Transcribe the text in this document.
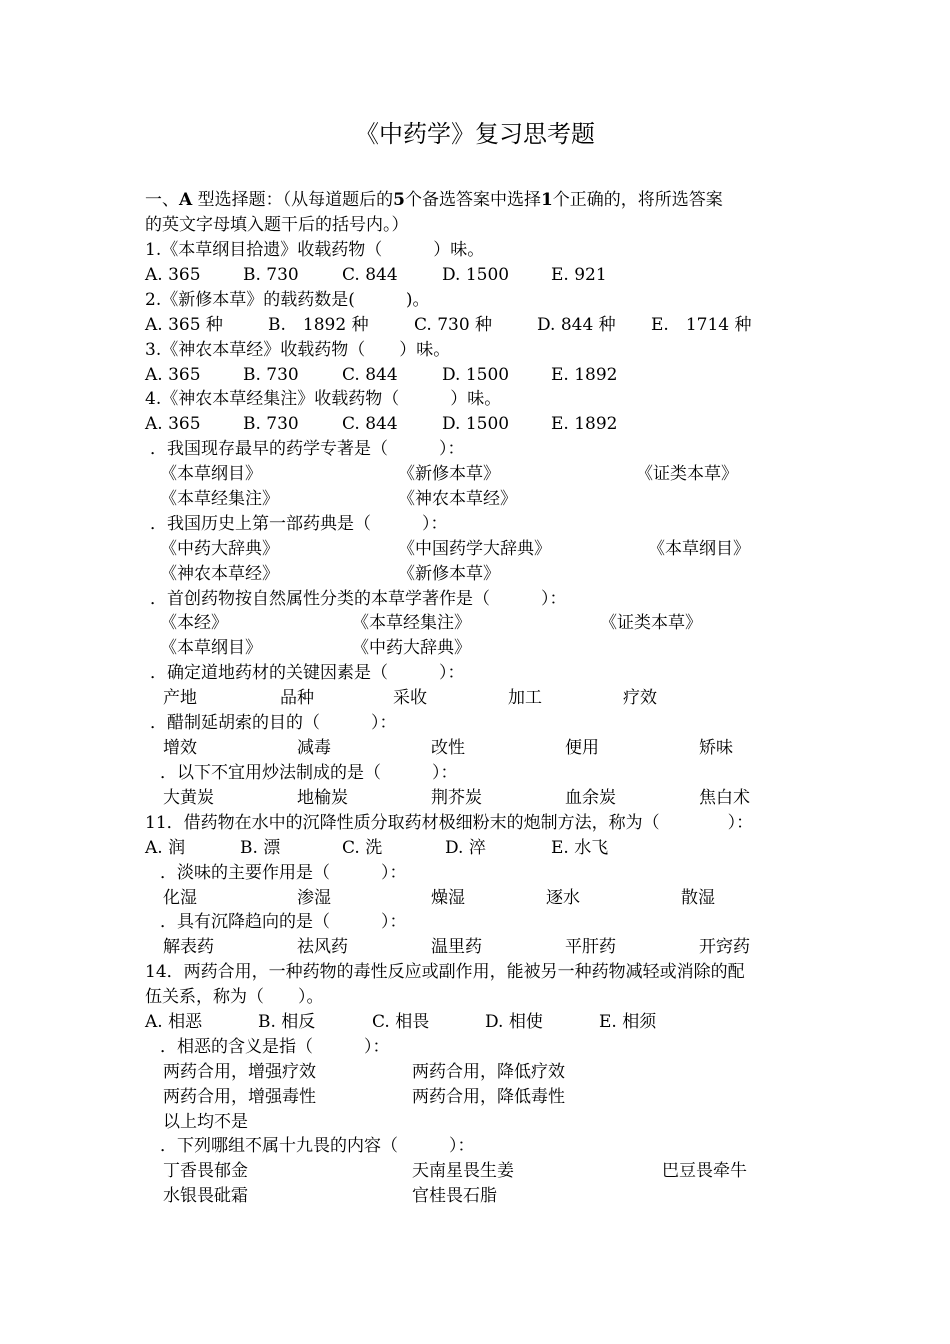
《中药学》复习思考题
一、A 型选择题：（从每道题后的5个备选答案中选择1个正确的，将所选答案
的英文字母填入题干后的括号内。）
1.《本草纲目拾遗》收载药物（　　　）味。
A. 365 B. 730	C. 844	D. 1500 E. 921
2.《新修本草》的载药数是(　　　)。
A. 365 种	B.　1892 种	C. 730 种	D. 844 种 E.　1714 种
3.《神农本草经》收载药物（　　）味。
A. 365 B. 730	C. 844	D. 1500 E. 1892
4.《神农本草经集注》收载药物（　　　）味。
A. 365 B. 730	C. 844	D. 1500 E. 1892
．我国现存最早的药学专著是（　　　）：
《本草纲目》	《新修本草》	《证类本草》
《本草经集注》	《神农本草经》
．我国历史上第一部药典是（　　　）：
《中药大辞典》	《中国药学大辞典》	《本草纲目》
《神农本草经》	《新修本草》
．首创药物按自然属性分类的本草学著作是（　　　）：
《本经》	《本草经集注》	《证类本草》
《本草纲目》	《中药大辞典》
．确定道地药材的关键因素是（　　　）：
产地	品种	采收	加工	疗效
．醋制延胡索的目的（　　　）：
增效	减毒	改性	便用	矫味
．以下不宜用炒法制成的是（　　　）：
大黄炭	地榆炭	荆芥炭	血余炭	焦白术
11．借药物在水中的沉降性质分取药材极细粉末的炮制方法，称为（　　　　）：
A. 润	B. 漂	C. 洗	D. 淬	E. 水飞
．淡味的主要作用是（　　　）：
化湿	渗湿	燥湿	逐水	散湿
．具有沉降趋向的是（　　　）：
解表药	祛风药	温里药	平肝药	开窍药
14．两药合用，一种药物的毒性反应或副作用，能被另一种药物减轻或消除的配
伍关系，称为（　　）。
A. 相恶	B. 相反	C. 相畏	D. 相使	E. 相须
．相恶的含义是指（　　　）：
两药合用，增强疗效	两药合用，降低疗效
两药合用，增强毒性	两药合用，降低毒性
以上均不是
．下列哪组不属十九畏的内容（　　　）：
丁香畏郁金	天南星畏生姜	巴豆畏牵牛
水银畏砒霜	官桂畏石脂
